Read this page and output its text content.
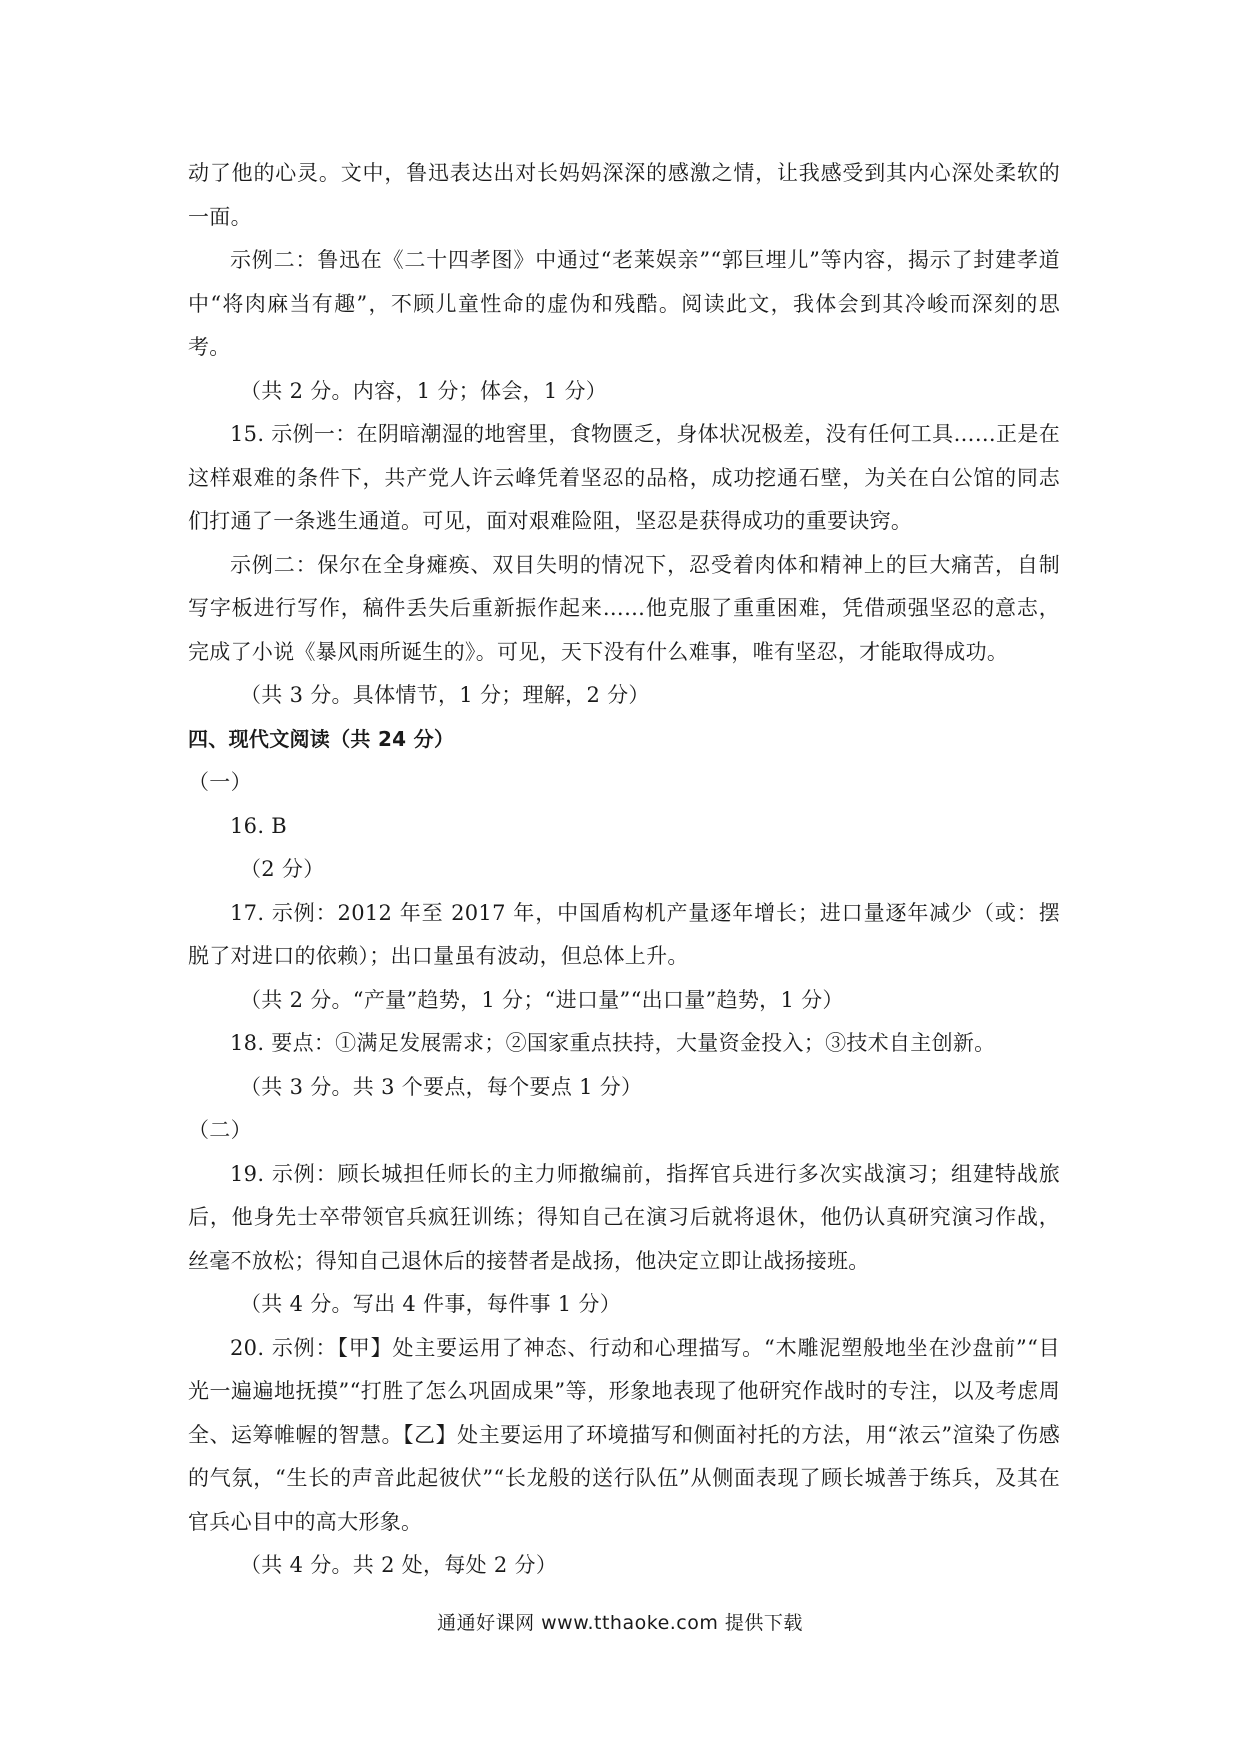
动了他的心灵。文中，鲁迅表达出对长妈妈深深的感激之情，让我感受到其内心深处柔软的一面。

示例二：鲁迅在《二十四孝图》中通过“老莱娱亲”“郭巨埋儿”等内容，揭示了封建孝道中“将肉麻当有趣”，不顾儿童性命的虚伪和残酷。阅读此文，我体会到其冷峻而深刻的思考。

（共 2 分。内容，1 分；体会，1 分）

15. 示例一：在阴暗潮湿的地窖里，食物匮乏，身体状况极差，没有任何工具……正是在这样艰难的条件下，共产党人许云峰凭着坚忍的品格，成功挖通石壁，为关在白公馆的同志们打通了一条逃生通道。可见，面对艰难险阻，坚忍是获得成功的重要诀窍。

示例二：保尔在全身瘫痪、双目失明的情况下，忍受着肉体和精神上的巨大痛苦，自制写字板进行写作，稿件丢失后重新振作起来……他克服了重重困难，凭借顽强坚忍的意志，完成了小说《暴风雨所诞生的》。可见，天下没有什么难事，唯有坚忍，才能取得成功。

（共 3 分。具体情节，1 分；理解，2 分）

四、现代文阅读（共 24 分）

（一）

16. B

（2 分）

17. 示例：2012 年至 2017 年，中国盾构机产量逐年增长；进口量逐年减少（或：摆脱了对进口的依赖）；出口量虽有波动，但总体上升。

（共 2 分。“产量”趋势，1 分；“进口量”“出口量”趋势，1 分）

18. 要点：①满足发展需求；②国家重点扶持，大量资金投入；③技术自主创新。

（共 3 分。共 3 个要点，每个要点 1 分）

（二）

19. 示例：顾长城担任师长的主力师撤编前，指挥官兵进行多次实战演习；组建特战旅后，他身先士卒带领官兵疯狂训练；得知自己在演习后就将退休，他仍认真研究演习作战，丝毫不放松；得知自己退休后的接替者是战扬，他决定立即让战扬接班。

（共 4 分。写出 4 件事，每件事 1 分）

20. 示例：【甲】处主要运用了神态、行动和心理描写。“木雕泥塑般地坐在沙盘前”“目光一遍遍地抚摸”“打胜了怎么巩固成果”等，形象地表现了他研究作战时的专注，以及考虑周全、运筹帷幄的智慧。【乙】处主要运用了环境描写和侧面衬托的方法，用“浓云”渲染了伤感的气氛，“生长的声音此起彼伏”“长龙般的送行队伍”从侧面表现了顾长城善于练兵，及其在官兵心目中的高大形象。

（共 4 分。共 2 处，每处 2 分）

通通好课网 www.tthaoke.com 提供下载
